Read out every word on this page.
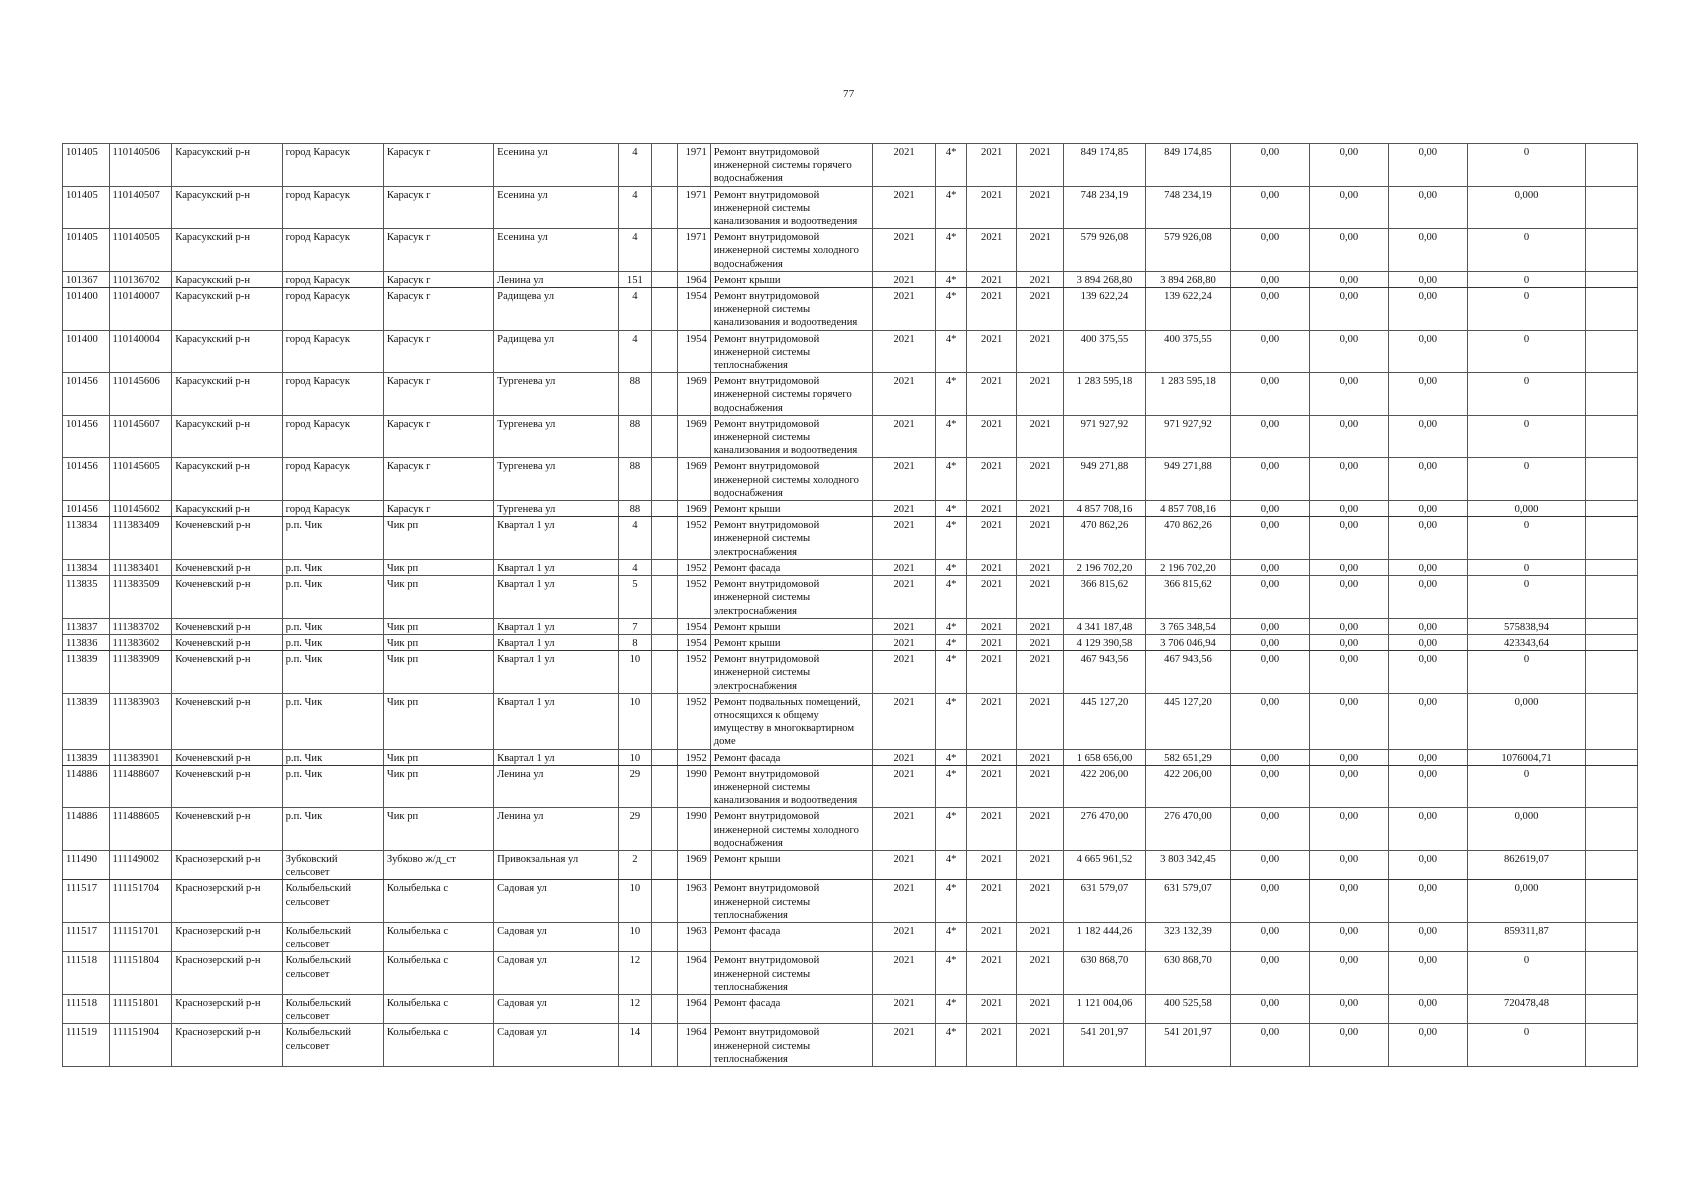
77
101405	110140506	Карасукский р-н	город Карасук	Карасук г	Есенина ул	4		1971	Ремонт внутридомовой инженерной системы горячего водоснабжения	2021	4*	2021	2021	849 174,85	849 174,85	0,00	0,00	0,00	0	
101405	110140507	Карасукский р-н	город Карасук	Карасук г	Есенина ул	4		1971	Ремонт внутридомовой инженерной системы канализования и водоотведения	2021	4*	2021	2021	748 234,19	748 234,19	0,00	0,00	0,00	0,000	
101405	110140505	Карасукский р-н	город Карасук	Карасук г	Есенина ул	4		1971	Ремонт внутридомовой инженерной системы холодного водоснабжения	2021	4*	2021	2021	579 926,08	579 926,08	0,00	0,00	0,00	0	
101367	110136702	Карасукский р-н	город Карасук	Карасук г	Ленина ул	151		1964	Ремонт крыши	2021	4*	2021	2021	3 894 268,80	3 894 268,80	0,00	0,00	0,00	0	
101400	110140007	Карасукский р-н	город Карасук	Карасук г	Радищева ул	4		1954	Ремонт внутридомовой инженерной системы канализования и водоотведения	2021	4*	2021	2021	139 622,24	139 622,24	0,00	0,00	0,00	0	
101400	110140004	Карасукский р-н	город Карасук	Карасук г	Радищева ул	4		1954	Ремонт внутридомовой инженерной системы теплоснабжения	2021	4*	2021	2021	400 375,55	400 375,55	0,00	0,00	0,00	0	
101456	110145606	Карасукский р-н	город Карасук	Карасук г	Тургенева ул	88		1969	Ремонт внутридомовой инженерной системы горячего водоснабжения	2021	4*	2021	2021	1 283 595,18	1 283 595,18	0,00	0,00	0,00	0	
101456	110145607	Карасукский р-н	город Карасук	Карасук г	Тургенева ул	88		1969	Ремонт внутридомовой инженерной системы канализования и водоотведения	2021	4*	2021	2021	971 927,92	971 927,92	0,00	0,00	0,00	0	
101456	110145605	Карасукский р-н	город Карасук	Карасук г	Тургенева ул	88		1969	Ремонт внутридомовой инженерной системы холодного водоснабжения	2021	4*	2021	2021	949 271,88	949 271,88	0,00	0,00	0,00	0	
101456	110145602	Карасукский р-н	город Карасук	Карасук г	Тургенева ул	88		1969	Ремонт крыши	2021	4*	2021	2021	4 857 708,16	4 857 708,16	0,00	0,00	0,00	0,000	
113834	111383409	Коченевский р-н	р.п. Чик	Чик рп	Квартал 1 ул	4		1952	Ремонт внутридомовой инженерной системы электроснабжения	2021	4*	2021	2021	470 862,26	470 862,26	0,00	0,00	0,00	0	
113834	111383401	Коченевский р-н	р.п. Чик	Чик рп	Квартал 1 ул	4		1952	Ремонт фасада	2021	4*	2021	2021	2 196 702,20	2 196 702,20	0,00	0,00	0,00	0	
113835	111383509	Коченевский р-н	р.п. Чик	Чик рп	Квартал 1 ул	5		1952	Ремонт внутридомовой инженерной системы электроснабжения	2021	4*	2021	2021	366 815,62	366 815,62	0,00	0,00	0,00	0	
113837	111383702	Коченевский р-н	р.п. Чик	Чик рп	Квартал 1 ул	7		1954	Ремонт крыши	2021	4*	2021	2021	4 341 187,48	3 765 348,54	0,00	0,00	0,00	575838,94	
113836	111383602	Коченевский р-н	р.п. Чик	Чик рп	Квартал 1 ул	8		1954	Ремонт крыши	2021	4*	2021	2021	4 129 390,58	3 706 046,94	0,00	0,00	0,00	423343,64	
113839	111383909	Коченевский р-н	р.п. Чик	Чик рп	Квартал 1 ул	10		1952	Ремонт внутридомовой инженерной системы электроснабжения	2021	4*	2021	2021	467 943,56	467 943,56	0,00	0,00	0,00	0	
113839	111383903	Коченевский р-н	р.п. Чик	Чик рп	Квартал 1 ул	10		1952	Ремонт подвальных помещений, относящихся к общему имуществу в многоквартирном доме	2021	4*	2021	2021	445 127,20	445 127,20	0,00	0,00	0,00	0,000	
113839	111383901	Коченевский р-н	р.п. Чик	Чик рп	Квартал 1 ул	10		1952	Ремонт фасада	2021	4*	2021	2021	1 658 656,00	582 651,29	0,00	0,00	0,00	1076004,71	
114886	111488607	Коченевский р-н	р.п. Чик	Чик рп	Ленина ул	29		1990	Ремонт внутридомовой инженерной системы канализования и водоотведения	2021	4*	2021	2021	422 206,00	422 206,00	0,00	0,00	0,00	0	
114886	111488605	Коченевский р-н	р.п. Чик	Чик рп	Ленина ул	29		1990	Ремонт внутридомовой инженерной системы холодного водоснабжения	2021	4*	2021	2021	276 470,00	276 470,00	0,00	0,00	0,00	0,000	
111490	111149002	Краснозерский р-н	Зубковский сельсовет	Зубково ж/д_ст	Привокзальная ул	2		1969	Ремонт крыши	2021	4*	2021	2021	4 665 961,52	3 803 342,45	0,00	0,00	0,00	862619,07	
111517	111151704	Краснозерский р-н	Колыбельский сельсовет	Колыбелька с	Садовая ул	10		1963	Ремонт внутридомовой инженерной системы теплоснабжения	2021	4*	2021	2021	631 579,07	631 579,07	0,00	0,00	0,00	0,000	
111517	111151701	Краснозерский р-н	Колыбельский сельсовет	Колыбелька с	Садовая ул	10		1963	Ремонт фасада	2021	4*	2021	2021	1 182 444,26	323 132,39	0,00	0,00	0,00	859311,87	
111518	111151804	Краснозерский р-н	Колыбельский сельсовет	Колыбелька с	Садовая ул	12		1964	Ремонт внутридомовой инженерной системы теплоснабжения	2021	4*	2021	2021	630 868,70	630 868,70	0,00	0,00	0,00	0	
111518	111151801	Краснозерский р-н	Колыбельский сельсовет	Колыбелька с	Садовая ул	12		1964	Ремонт фасада	2021	4*	2021	2021	1 121 004,06	400 525,58	0,00	0,00	0,00	720478,48	
111519	111151904	Краснозерский р-н	Колыбельский сельсовет	Колыбелька с	Садовая ул	14		1964	Ремонт внутридомовой инженерной системы теплоснабжения	2021	4*	2021	2021	541 201,97	541 201,97	0,00	0,00	0,00	0	
